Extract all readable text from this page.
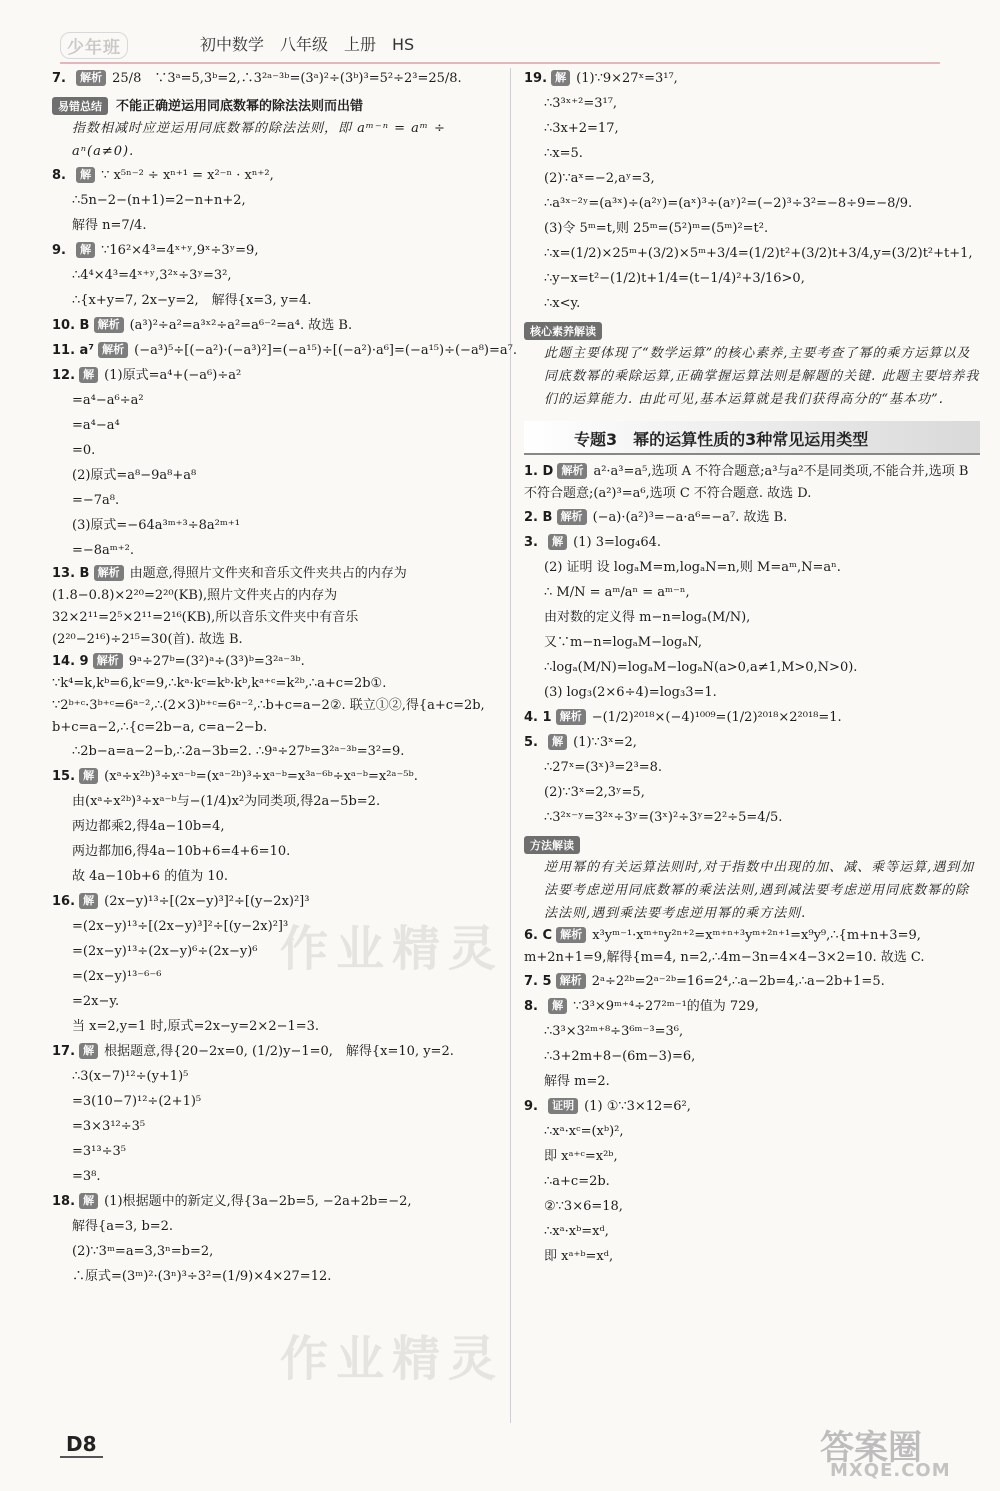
少年班	初中数学　八年级　上册　HS
7. 解析 25/8　∵3ᵃ=5,3ᵇ=2,∴3²ᵃ⁻³ᵇ=(3ᵃ)²÷(3ᵇ)³=5²÷2³=25/8.
易错总结 不能正确逆运用同底数幂的除法法则而出错
指数相减时应逆运用同底数幂的除法法则，即 aᵐ⁻ⁿ = aᵐ ÷ aⁿ(a≠0).
8. 解 ∵ x⁵ⁿ⁻² ÷ xⁿ⁺¹ = x²⁻ⁿ · xⁿ⁺²,
∴5n−2−(n+1)=2−n+n+2,
解得 n=7/4.
9. 解 ∵16²×4³=4ˣ⁺ʸ,9ˣ÷3ʸ=9,
∴4⁴×4³=4ˣ⁺ʸ,3²ˣ÷3ʸ=3²,
∴{x+y=7, 2x−y=2,　解得{x=3, y=4.
10. B 解析 (a³)²÷a²=a³ˣ²÷a²=a⁶⁻²=a⁴. 故选 B.
11. a⁷ 解析 (−a³)⁵÷[(−a²)·(−a³)²]=(−a¹⁵)÷[(−a²)·a⁶]=(−a¹⁵)÷(−a⁸)=a⁷.
12. 解 (1)原式=a⁴+(−a⁶)÷a²
=a⁴−a⁶÷a²
=a⁴−a⁴
=0.
(2)原式=a⁸−9a⁸+a⁸
=−7a⁸.
(3)原式=−64a³ᵐ⁺³÷8a²ᵐ⁺¹
=−8aᵐ⁺².
13. B 解析 由题意,得照片文件夹和音乐文件夹共占的内存为(1.8−0.8)×2²⁰=2²⁰(KB),照片文件夹占的内存为32×2¹¹=2⁵×2¹¹=2¹⁶(KB),所以音乐文件夹中有音乐(2²⁰−2¹⁶)÷2¹⁵=30(首). 故选 B.
14. 9 解析 9ᵃ÷27ᵇ=(3²)ᵃ÷(3³)ᵇ=3²ᵃ⁻³ᵇ. ∵k⁴=k,kᵇ=6,kᶜ=9,∴kᵃ·kᶜ=kᵇ·kᵇ,kᵃ⁺ᶜ=k²ᵇ,∴a+c=2b①. ∵2ᵇ⁺ᶜ·3ᵇ⁺ᶜ=6ᵃ⁻²,∴(2×3)ᵇ⁺ᶜ=6ᵃ⁻²,∴b+c=a−2②. 联立①②,得{a+c=2b, b+c=a−2,∴{c=2b−a, c=a−2−b.
∴2b−a=a−2−b,∴2a−3b=2. ∴9ᵃ÷27ᵇ=3²ᵃ⁻³ᵇ=3²=9.
15. 解 (xᵃ÷x²ᵇ)³÷xᵃ⁻ᵇ=(xᵃ⁻²ᵇ)³÷xᵃ⁻ᵇ=x³ᵃ⁻⁶ᵇ÷xᵃ⁻ᵇ=x²ᵃ⁻⁵ᵇ.
由(xᵃ÷x²ᵇ)³÷xᵃ⁻ᵇ与−(1/4)x²为同类项,得2a−5b=2.
两边都乘2,得4a−10b=4,
两边都加6,得4a−10b+6=4+6=10.
故 4a−10b+6 的值为 10.
16. 解 (2x−y)¹³÷[(2x−y)³]²÷[(y−2x)²]³
=(2x−y)¹³÷[(2x−y)³]²÷[(y−2x)²]³
=(2x−y)¹³÷(2x−y)⁶÷(2x−y)⁶
=(2x−y)¹³⁻⁶⁻⁶
=2x−y.
当 x=2,y=1 时,原式=2x−y=2×2−1=3.
17. 解 根据题意,得{20−2x=0, (1/2)y−1=0,　解得{x=10, y=2.
∴3(x−7)¹²÷(y+1)⁵
=3(10−7)¹²÷(2+1)⁵
=3×3¹²÷3⁵
=3¹³÷3⁵
=3⁸.
18. 解 (1)根据题中的新定义,得{3a−2b=5, −2a+2b=−2,
解得{a=3, b=2.
(2)∵3ᵐ=a=3,3ⁿ=b=2,
∴原式=(3ᵐ)²·(3ⁿ)³÷3²=(1/9)×4×27=12.
19. 解 (1)∵9×27ˣ=3¹⁷,
∴3³ˣ⁺²=3¹⁷,
∴3x+2=17,
∴x=5.
(2)∵aˣ=−2,aʸ=3,
∴a³ˣ⁻²ʸ=(a³ˣ)÷(a²ʸ)=(aˣ)³÷(aʸ)²=(−2)³÷3²=−8÷9=−8/9.
(3)令 5ᵐ=t,则 25ᵐ=(5²)ᵐ=(5ᵐ)²=t².
∴x=(1/2)×25ᵐ+(3/2)×5ᵐ+3/4=(1/2)t²+(3/2)t+3/4,y=(3/2)t²+t+1,
∴y−x=t²−(1/2)t+1/4=(t−1/4)²+3/16>0,
∴x<y.
核心素养解读
此题主要体现了“数学运算”的核心素养,主要考查了幂的乘方运算以及同底数幂的乘除运算,正确掌握运算法则是解题的关键. 此题主要培养我们的运算能力. 由此可见,基本运算就是我们获得高分的“基本功”.
专题3　幂的运算性质的3种常见运用类型
1. D 解析 a²·a³=a⁵,选项 A 不符合题意;a³与a²不是同类项,不能合并,选项 B 不符合题意;(a²)³=a⁶,选项 C 不符合题意. 故选 D.
2. B 解析 (−a)·(a²)³=−a·a⁶=−a⁷. 故选 B.
3. 解 (1) 3=log₄64.
(2) 证明 设 logₐM=m,logₐN=n,则 M=aᵐ,N=aⁿ.
∴ M/N = aᵐ/aⁿ = aᵐ⁻ⁿ,
由对数的定义得 m−n=logₐ(M/N),
又∵m−n=logₐM−logₐN,
∴logₐ(M/N)=logₐM−logₐN(a>0,a≠1,M>0,N>0).
(3) log₃(2×6÷4)=log₃3=1.
4. 1 解析 −(1/2)²⁰¹⁸×(−4)¹⁰⁰⁹=(1/2)²⁰¹⁸×2²⁰¹⁸=1.
5. 解 (1)∵3ˣ=2,
∴27ˣ=(3ˣ)³=2³=8.
(2)∵3ˣ=2,3ʸ=5,
∴3²ˣ⁻ʸ=3²ˣ÷3ʸ=(3ˣ)²÷3ʸ=2²÷5=4/5.
方法解读
逆用幂的有关运算法则时,对于指数中出现的加、减、乘等运算,遇到加法要考虑逆用同底数幂的乘法法则,遇到减法要考虑逆用同底数幂的除法法则,遇到乘法要考虑逆用幂的乘方法则.
6. C 解析 x³yᵐ⁻¹·xᵐ⁺ⁿy²ⁿ⁺²=xᵐ⁺ⁿ⁺³yᵐ⁺²ⁿ⁺¹=x⁹y⁹,∴{m+n+3=9, m+2n+1=9,解得{m=4, n=2,∴4m−3n=4×4−3×2=10. 故选 C.
7. 5 解析 2ᵃ÷2²ᵇ=2ᵃ⁻²ᵇ=16=2⁴,∴a−2b=4,∴a−2b+1=5.
8. 解 ∵3³×9ᵐ⁺⁴÷27²ᵐ⁻¹的值为 729,
∴3³×3²ᵐ⁺⁸÷3⁶ᵐ⁻³=3⁶,
∴3+2m+8−(6m−3)=6,
解得 m=2.
9. 证明 (1) ①∵3×12=6²,
∴xᵃ·xᶜ=(xᵇ)²,
即 xᵃ⁺ᶜ=x²ᵇ,
∴a+c=2b.
②∵3×6=18,
∴xᵃ·xᵇ=xᵈ,
即 xᵃ⁺ᵇ=xᵈ,
作业精灵
作业精灵
D8	答案圈
MXQE.COM
